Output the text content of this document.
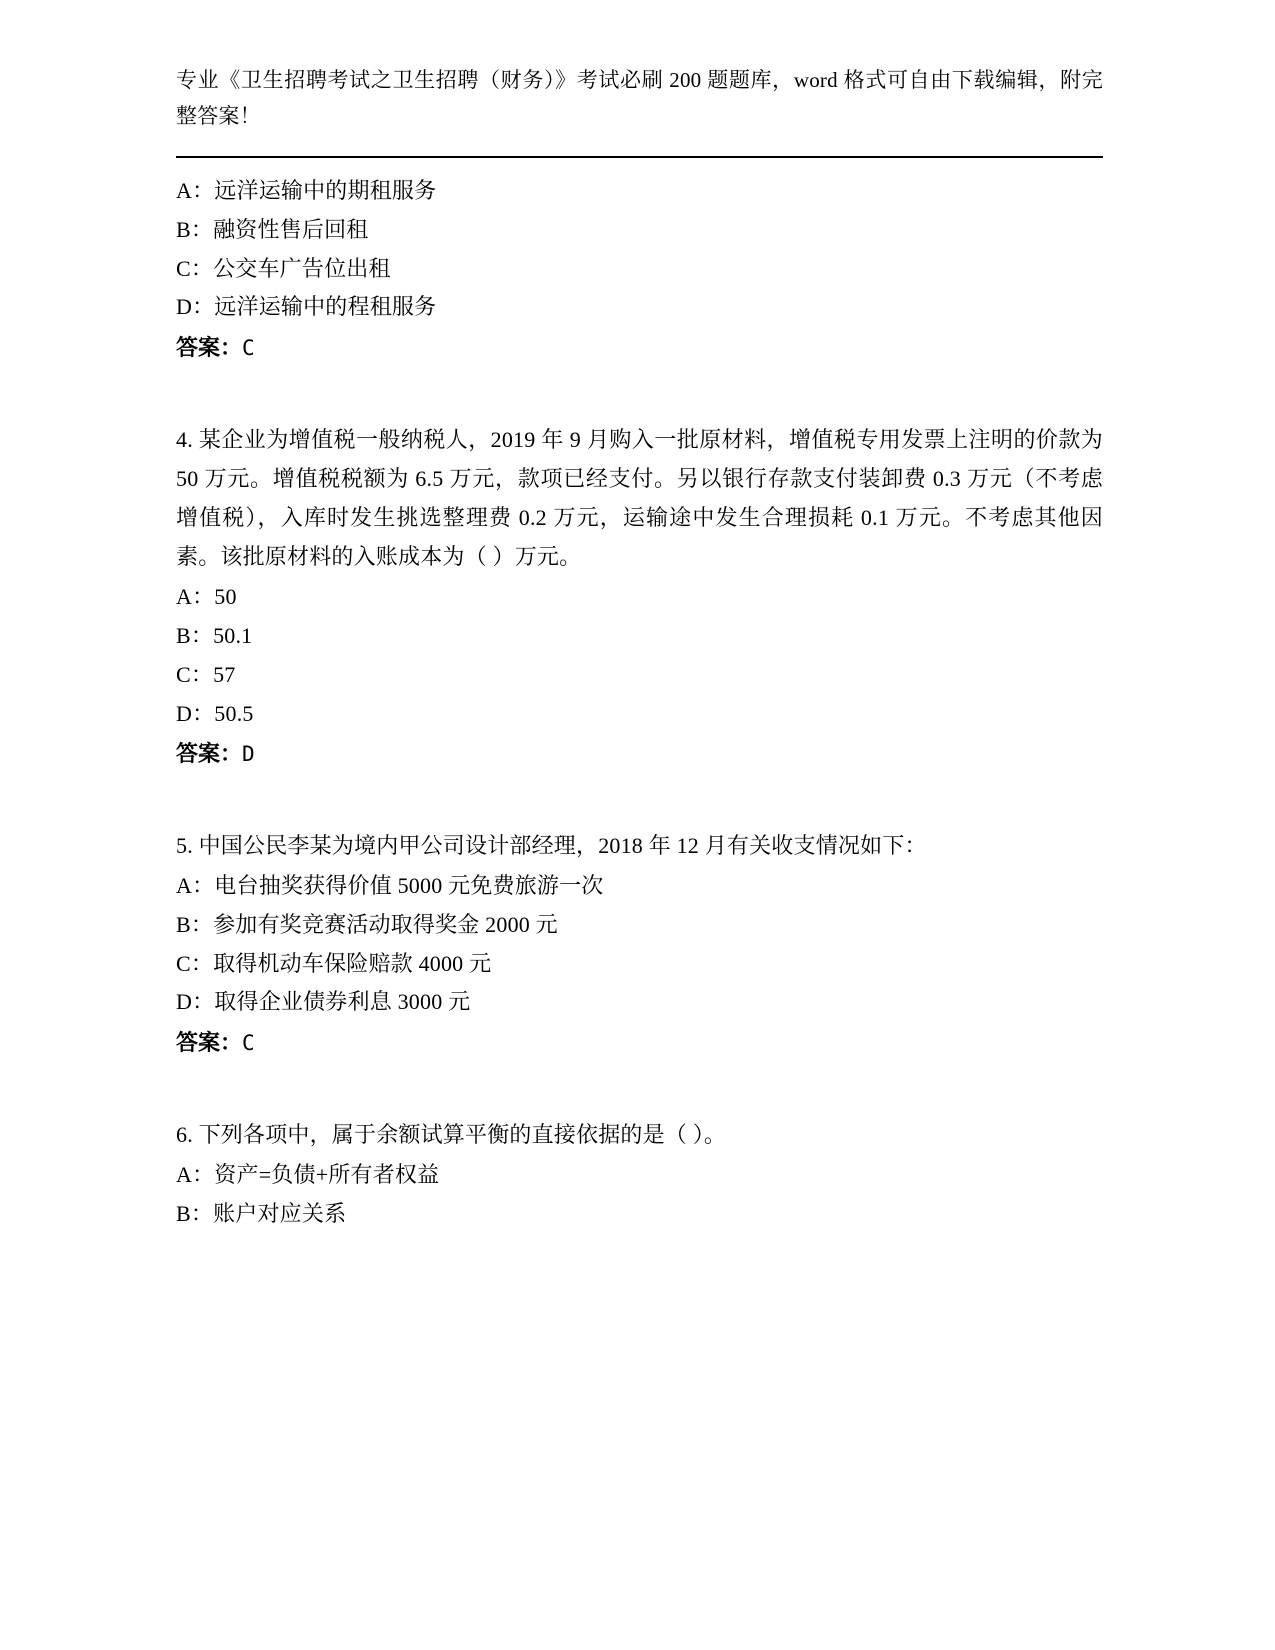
专业《卫生招聘考试之卫生招聘（财务）》考试必刷 200 题题库，word 格式可自由下载编辑，附完整答案！

A：远洋运输中的期租服务

B：融资性售后回租

C：公交车广告位出租

D：远洋运输中的程租服务

答案：C

4. 某企业为增值税一般纳税人，2019 年 9 月购入一批原材料，增值税专用发票上注明的价款为 50 万元。增值税税额为 6.5 万元，款项已经支付。另以银行存款支付装卸费 0.3 万元（不考虑增值税），入库时发生挑选整理费 0.2 万元，运输途中发生合理损耗 0.1 万元。不考虑其他因素。该批原材料的入账成本为（ ）万元。

A：50

B：50.1

C：57

D：50.5

答案：D

5. 中国公民李某为境内甲公司设计部经理，2018 年 12 月有关收支情况如下：

A：电台抽奖获得价值 5000 元免费旅游一次

B：参加有奖竞赛活动取得奖金 2000 元

C：取得机动车保险赔款 4000 元

D：取得企业债券利息 3000 元

答案：C

6. 下列各项中，属于余额试算平衡的直接依据的是（ ）。

A：资产=负债+所有者权益

B：账户对应关系
